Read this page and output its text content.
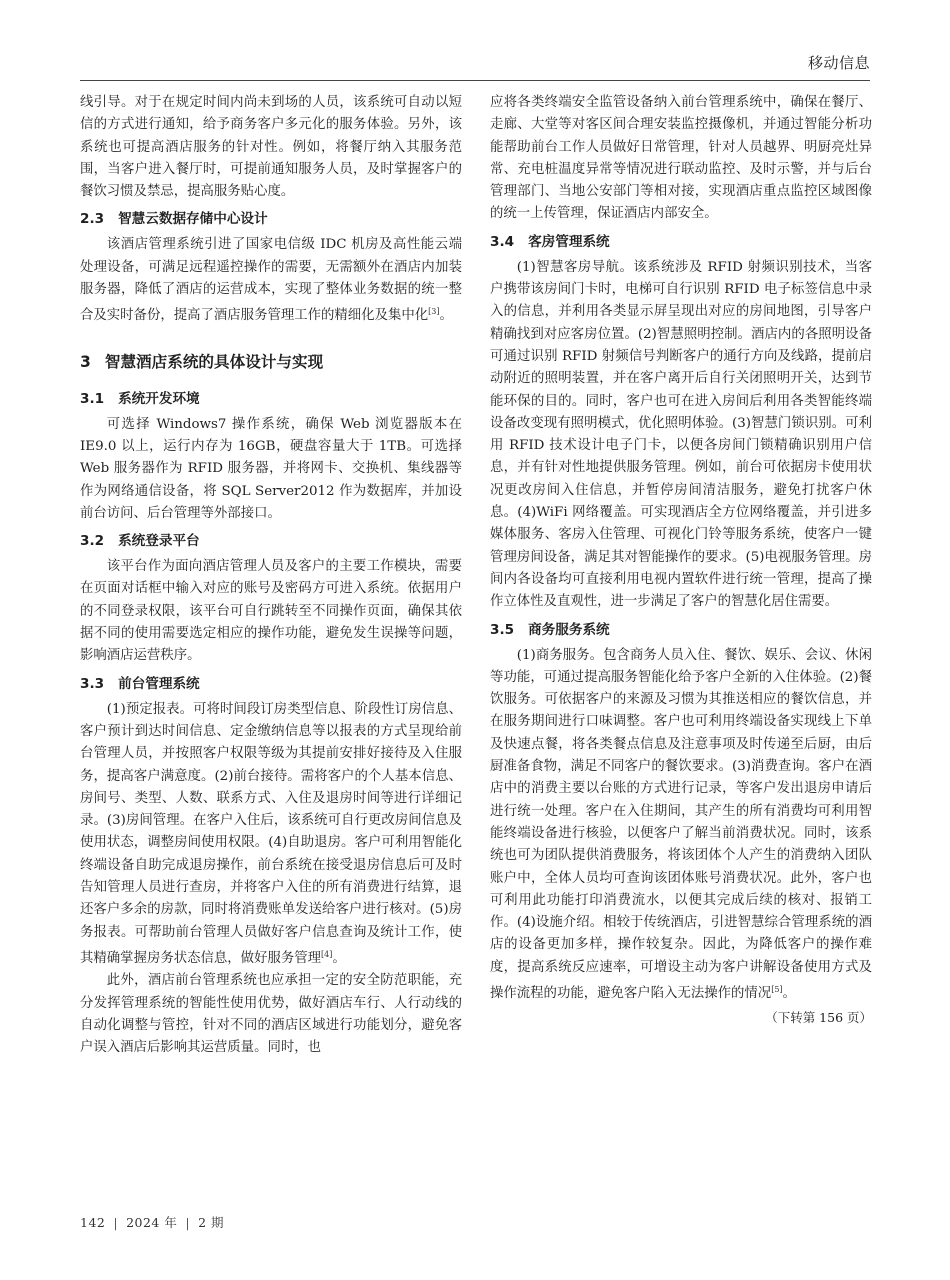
移动信息

线引导。对于在规定时间内尚未到场的人员，该系统可自动以短信的方式进行通知，给予商务客户多元化的服务体验。另外，该系统也可提高酒店服务的针对性。例如，将餐厅纳入其服务范围，当客户进入餐厅时，可提前通知服务人员，及时掌握客户的餐饮习惯及禁忌，提高服务贴心度。

2.3 智慧云数据存储中心设计

该酒店管理系统引进了国家电信级 IDC 机房及高性能云端处理设备，可满足远程遥控操作的需要，无需额外在酒店内加装服务器，降低了酒店的运营成本，实现了整体业务数据的统一整合及实时备份，提高了酒店服务管理工作的精细化及集中化[3]。

3 智慧酒店系统的具体设计与实现
3.1 系统开发环境

可选择 Windows7 操作系统，确保 Web 浏览器版本在 IE9.0 以上，运行内存为 16GB，硬盘容量大于 1TB。可选择 Web 服务器作为 RFID 服务器，并将网卡、交换机、集线器等作为网络通信设备，将 SQL Server2012 作为数据库，并加设前台访问、后台管理等外部接口。

3.2 系统登录平台

该平台作为面向酒店管理人员及客户的主要工作模块，需要在页面对话框中输入对应的账号及密码方可进入系统。依据用户的不同登录权限，该平台可自行跳转至不同操作页面，确保其依据不同的使用需要选定相应的操作功能，避免发生误操等问题，影响酒店运营秩序。

3.3 前台管理系统

(1)预定报表。可将时间段订房类型信息、阶段性订房信息、客户预计到达时间信息、定金缴纳信息等以报表的方式呈现给前台管理人员，并按照客户权限等级为其提前安排好接待及入住服务，提高客户满意度。(2)前台接待。需将客户的个人基本信息、房间号、类型、人数、联系方式、入住及退房时间等进行详细记录。(3)房间管理。在客户入住后，该系统可自行更改房间信息及使用状态，调整房间使用权限。(4)自助退房。客户可利用智能化终端设备自助完成退房操作，前台系统在接受退房信息后可及时告知管理人员进行查房，并将客户入住的所有消费进行结算，退还客户多余的房款，同时将消费账单发送给客户进行核对。(5)房务报表。可帮助前台管理人员做好客户信息查询及统计工作，使其精确掌握房务状态信息，做好服务管理[4]。

此外，酒店前台管理系统也应承担一定的安全防范职能，充分发挥管理系统的智能性使用优势，做好酒店车行、人行动线的自动化调整与管控，针对不同的酒店区域进行功能划分，避免客户误入酒店后影响其运营质量。同时，也

应将各类终端安全监管设备纳入前台管理系统中，确保在餐厅、走廊、大堂等对客区间合理安装监控摄像机，并通过智能分析功能帮助前台工作人员做好日常管理，针对人员越界、明厨亮灶异常、充电桩温度异常等情况进行联动监控、及时示警，并与后台管理部门、当地公安部门等相对接，实现酒店重点监控区域图像的统一上传管理，保证酒店内部安全。

3.4 客房管理系统

(1)智慧客房导航。该系统涉及 RFID 射频识别技术，当客户携带该房间门卡时，电梯可自行识别 RFID 电子标签信息中录入的信息，并利用各类显示屏呈现出对应的房间地图，引导客户精确找到对应客房位置。(2)智慧照明控制。酒店内的各照明设备可通过识别 RFID 射频信号判断客户的通行方向及线路，提前启动附近的照明装置，并在客户离开后自行关闭照明开关，达到节能环保的目的。同时，客户也可在进入房间后利用各类智能终端设备改变现有照明模式，优化照明体验。(3)智慧门锁识别。可利用 RFID 技术设计电子门卡，以便各房间门锁精确识别用户信息，并有针对性地提供服务管理。例如，前台可依据房卡使用状况更改房间入住信息，并暂停房间清洁服务，避免打扰客户休息。(4)WiFi 网络覆盖。可实现酒店全方位网络覆盖，并引进多媒体服务、客房入住管理、可视化门铃等服务系统，使客户一键管理房间设备，满足其对智能操作的要求。(5)电视服务管理。房间内各设备均可直接利用电视内置软件进行统一管理，提高了操作立体性及直观性，进一步满足了客户的智慧化居住需要。

3.5 商务服务系统

(1)商务服务。包含商务人员入住、餐饮、娱乐、会议、休闲等功能，可通过提高服务智能化给予客户全新的入住体验。(2)餐饮服务。可依据客户的来源及习惯为其推送相应的餐饮信息，并在服务期间进行口味调整。客户也可利用终端设备实现线上下单及快速点餐，将各类餐点信息及注意事项及时传递至后厨，由后厨准备食物，满足不同客户的餐饮要求。(3)消费查询。客户在酒店中的消费主要以台账的方式进行记录，等客户发出退房申请后进行统一处理。客户在入住期间，其产生的所有消费均可利用智能终端设备进行核验，以便客户了解当前消费状况。同时，该系统也可为团队提供消费服务，将该团体个人产生的消费纳入团队账户中，全体人员均可查询该团体账号消费状况。此外，客户也可利用此功能打印消费流水，以便其完成后续的核对、报销工作。(4)设施介绍。相较于传统酒店，引进智慧综合管理系统的酒店的设备更加多样，操作较复杂。因此，为降低客户的操作难度，提高系统反应速率，可增设主动为客户讲解设备使用方式及操作流程的功能，避免客户陷入无法操作的情况[5]。

（下转第 156 页）
142 | 2024 年 | 2 期
